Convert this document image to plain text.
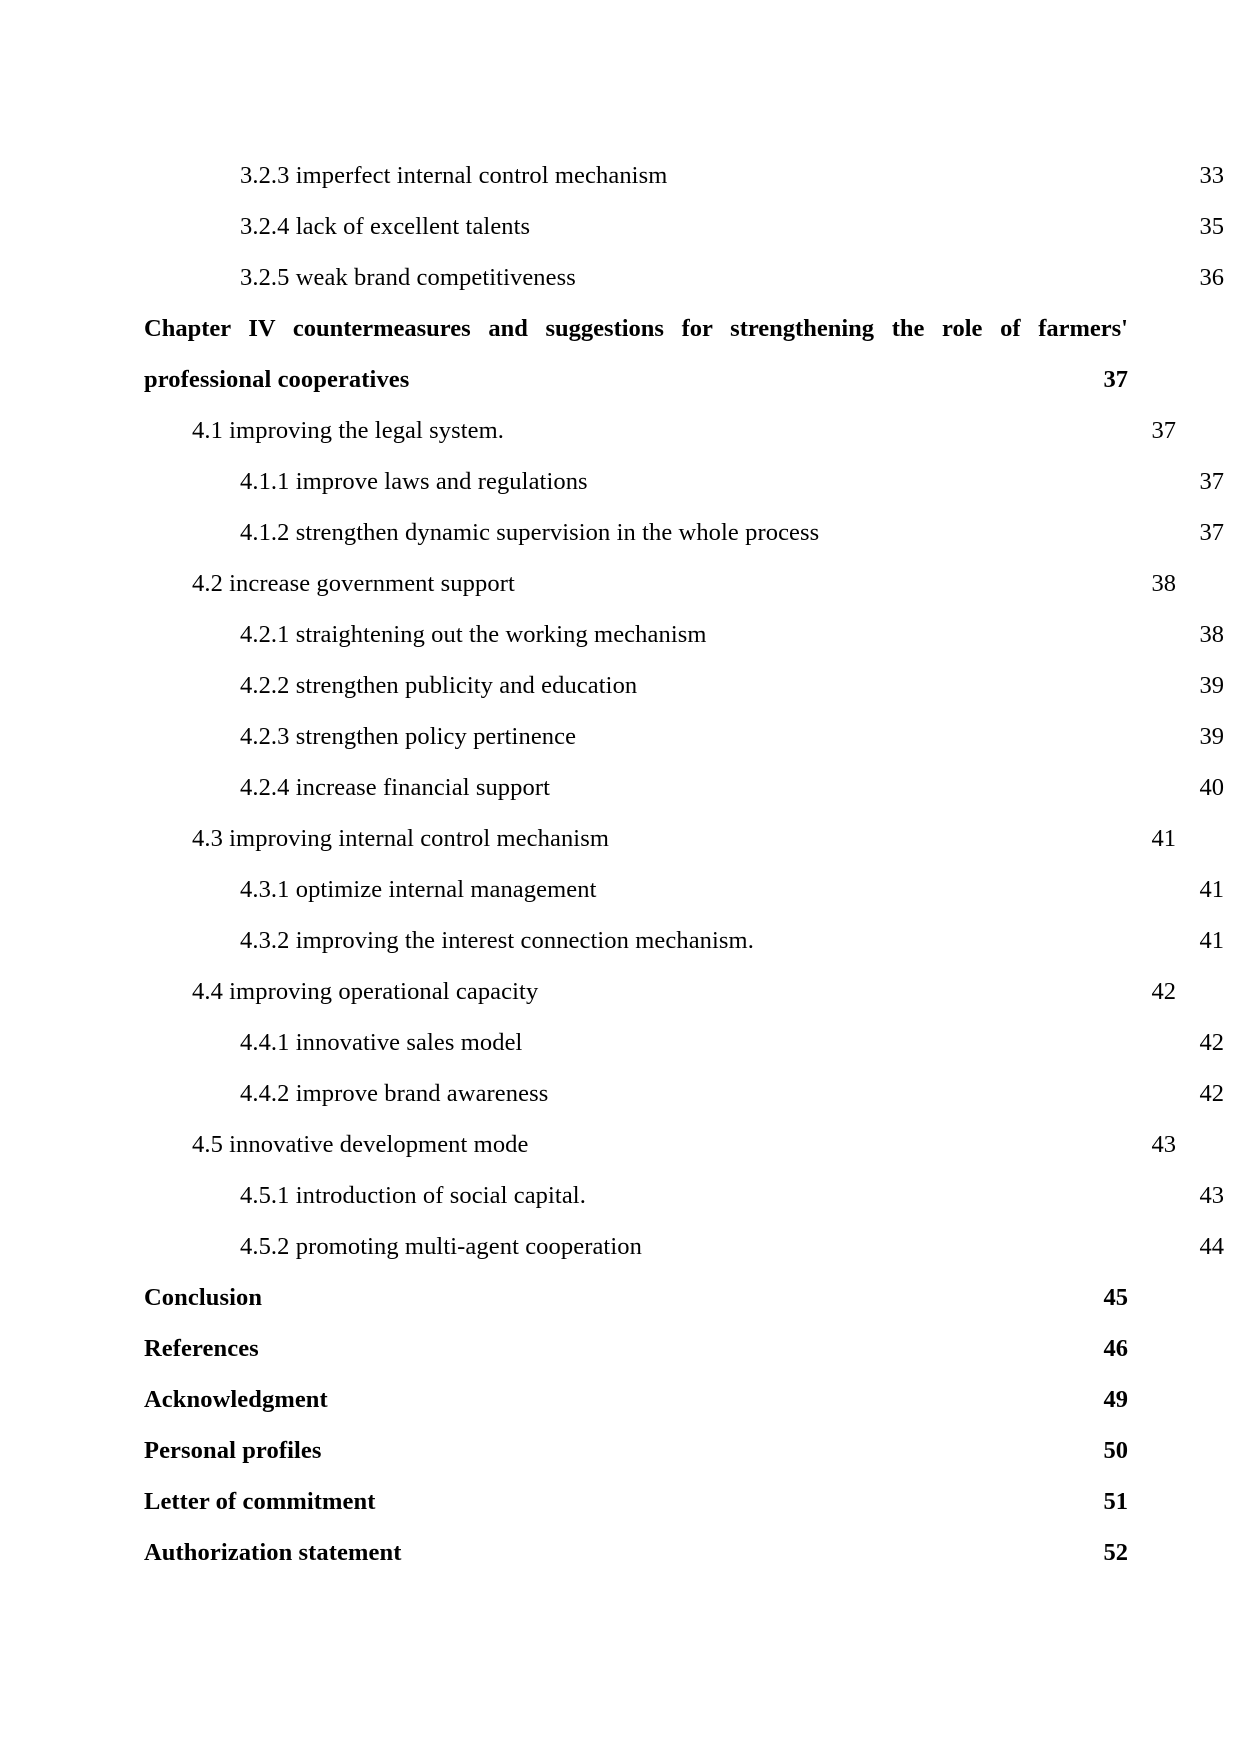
3.2.3 imperfect internal control mechanism .....	33
3.2.4 lack of excellent talents .....	35
3.2.5 weak brand competitiveness .....	36
Chapter IV countermeasures and suggestions for strengthening the role of farmers'
professional cooperatives .....	37
4.1 improving the legal system. .....	37
4.1.1 improve laws and regulations .....	37
4.1.2 strengthen dynamic supervision in the whole process .....	37
4.2 increase government support .....	38
4.2.1 straightening out the working mechanism .....	38
4.2.2 strengthen publicity and education .....	39
4.2.3 strengthen policy pertinence .....	39
4.2.4 increase financial support .....	40
4.3 improving internal control mechanism .....	41
4.3.1 optimize internal management .....	41
4.3.2 improving the interest connection mechanism. .....	41
4.4 improving operational capacity .....	42
4.4.1 innovative sales model .....	42
4.4.2 improve brand awareness .....	42
4.5 innovative development mode .....	43
4.5.1 introduction of social capital. .....	43
4.5.2 promoting multi-agent cooperation .....	44
Conclusion .....	45
References .....	46
Acknowledgment .....	49
Personal profiles .....	50
Letter of commitment .....	51
Authorization statement .....	52
